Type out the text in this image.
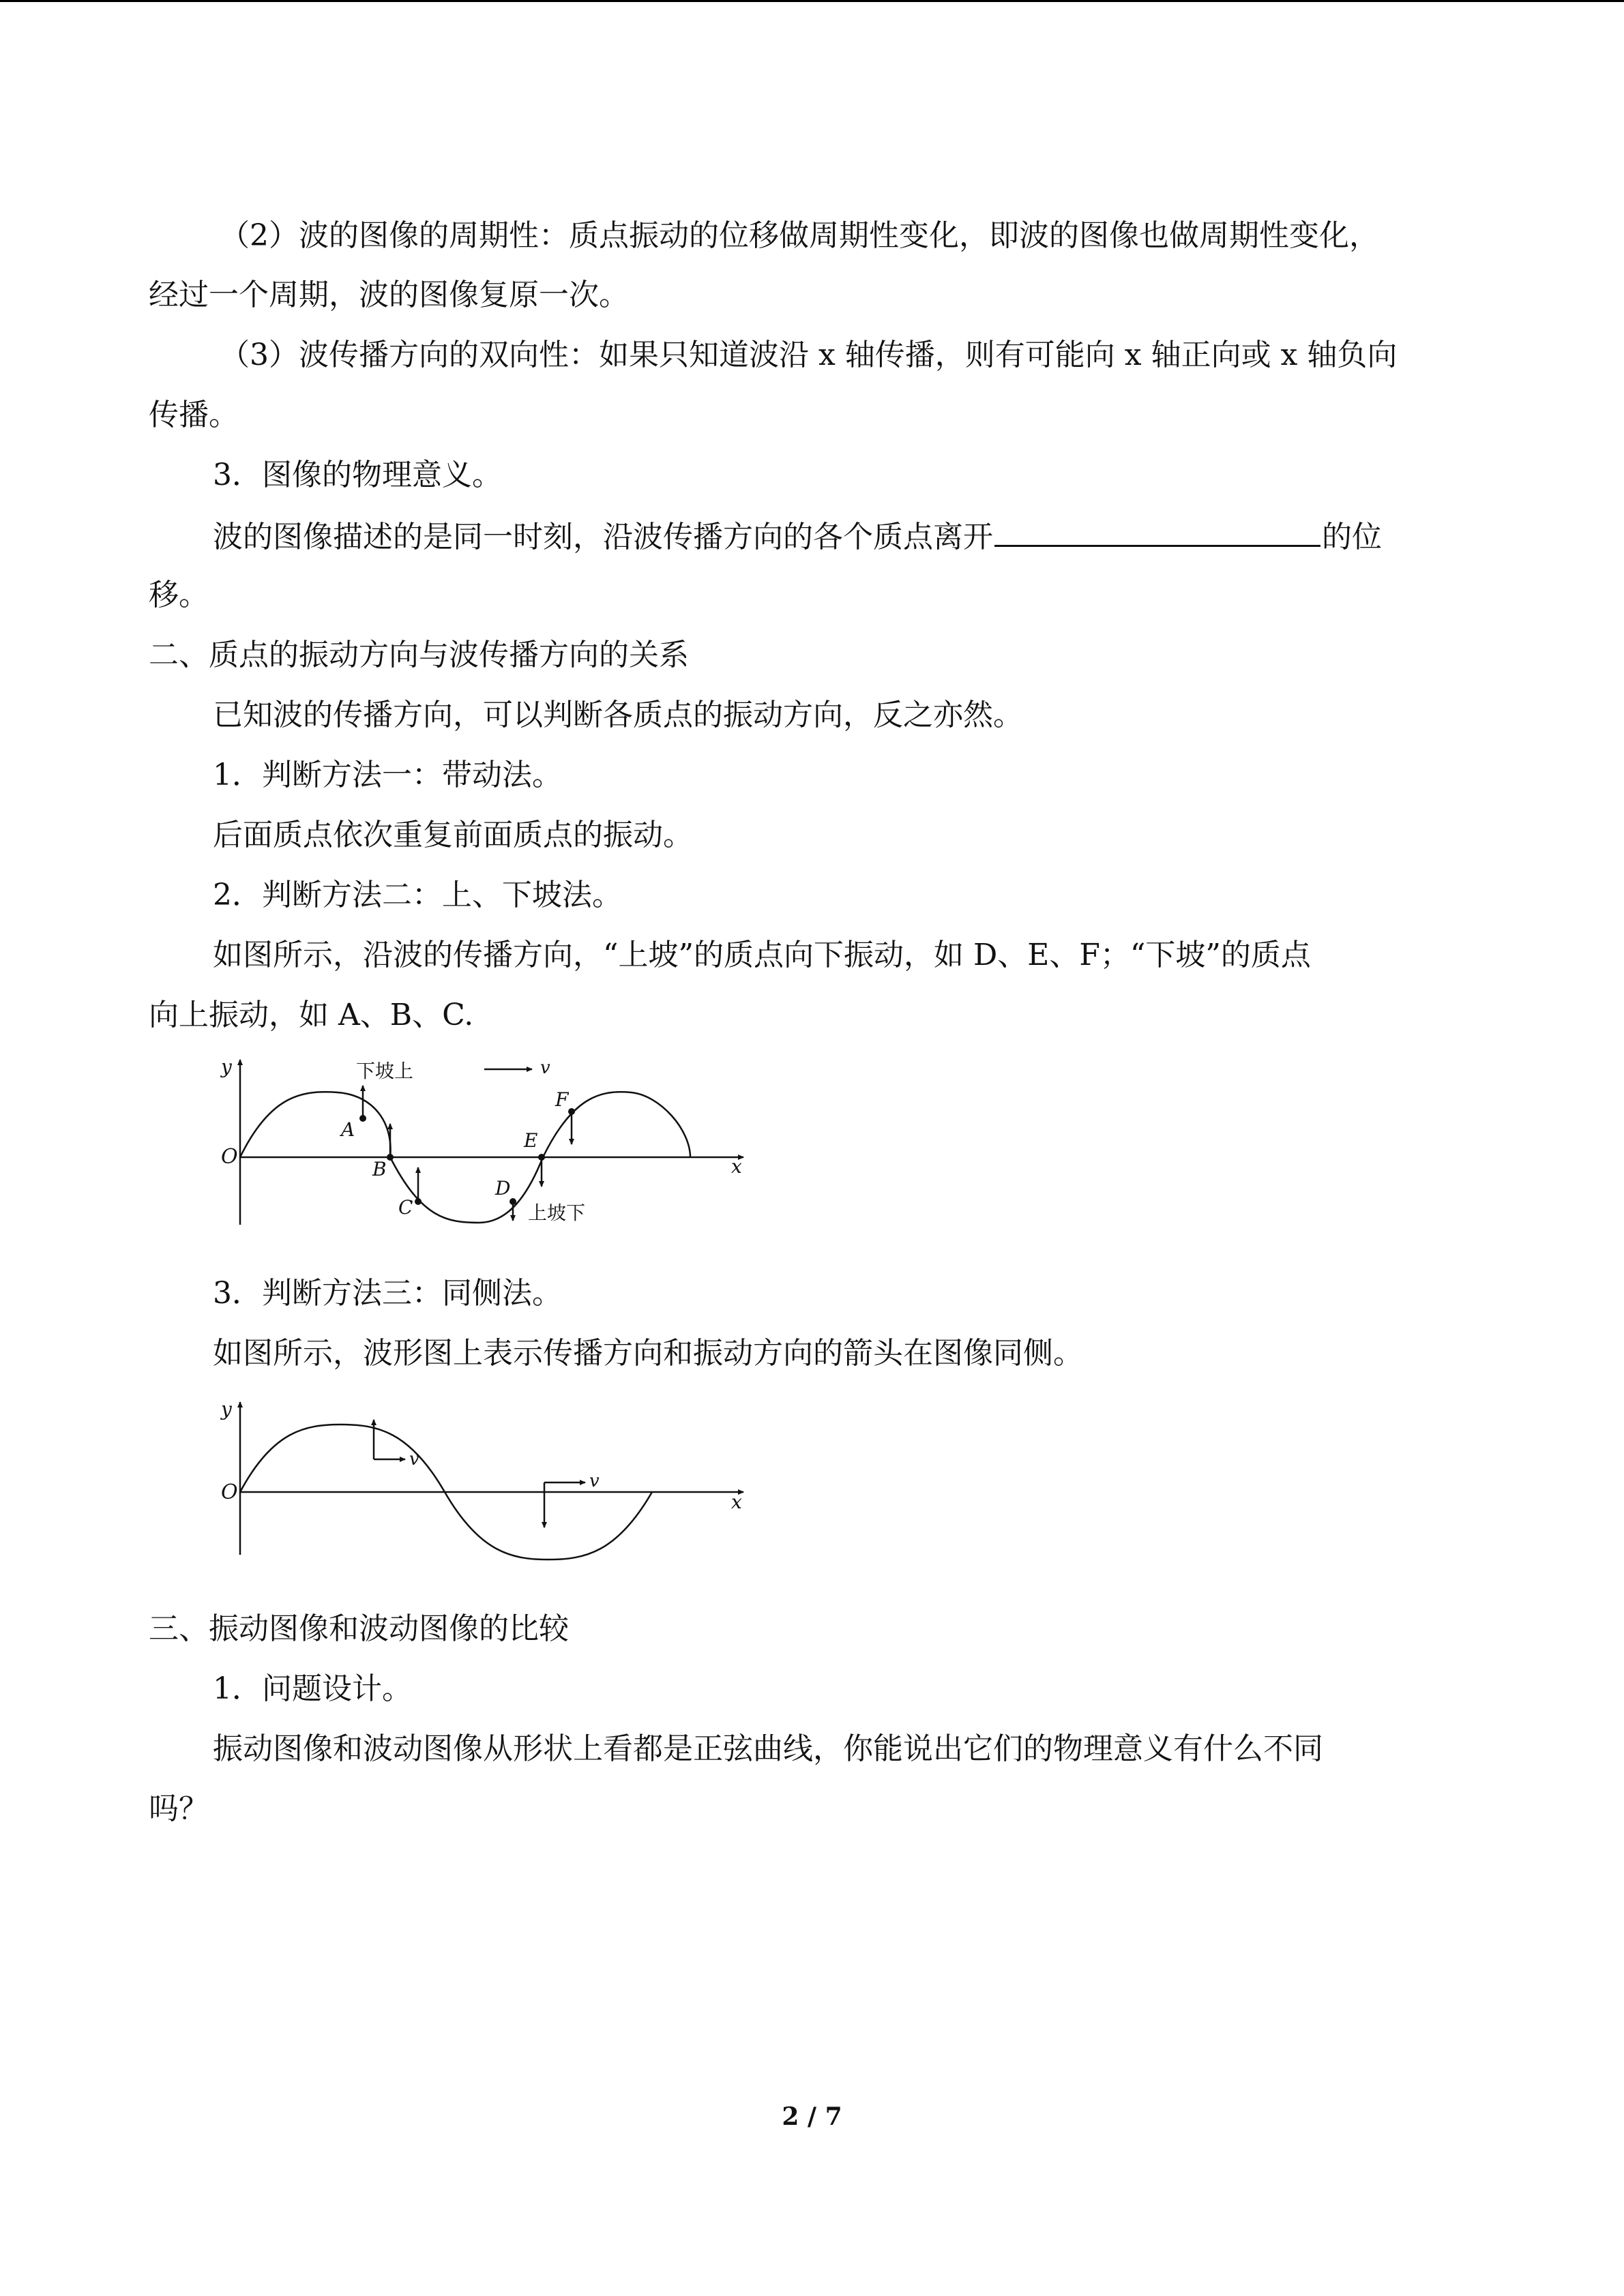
（2）波的图像的周期性：质点振动的位移做周期性变化，即波的图像也做周期性变化，
经过一个周期，波的图像复原一次。
（3）波传播方向的双向性：如果只知道波沿 x 轴传播，则有可能向 x 轴正向或 x 轴负向
传播。
3．图像的物理意义。
波的图像描述的是同一时刻，沿波传播方向的各个质点离开	的位
移。
二、质点的振动方向与波传播方向的关系
已知波的传播方向，可以判断各质点的振动方向，反之亦然。
1．判断方法一：带动法。
后面质点依次重复前面质点的振动。
2．判断方法二：上、下坡法。
如图所示，沿波的传播方向，“上坡”的质点向下振动，如 D、E、F；“下坡”的质点
向上振动，如 A、B、C.
y
x
O
v
下坡上
上坡下
A
B
C
D
E
F
3．判断方法三：同侧法。
如图所示，波形图上表示传播方向和振动方向的箭头在图像同侧。
y
x
O
v
v
三、振动图像和波动图像的比较
1．问题设计。
振动图像和波动图像从形状上看都是正弦曲线，你能说出它们的物理意义有什么不同
吗？
2 / 7
